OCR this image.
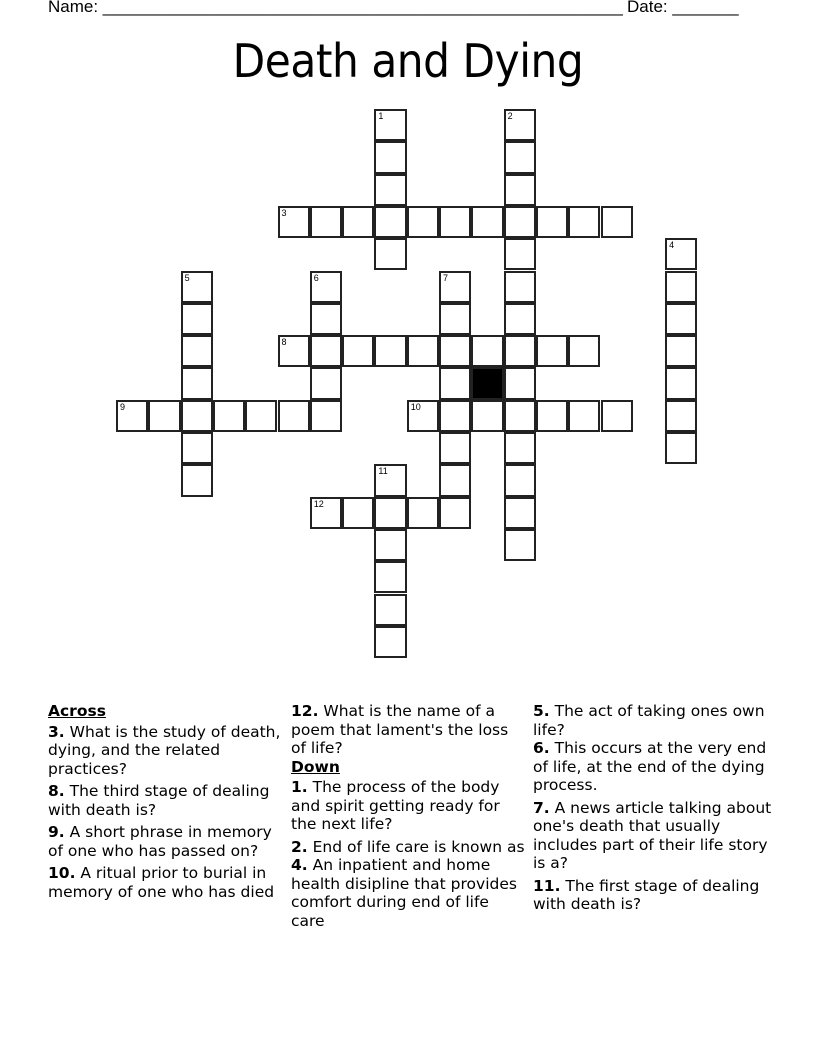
Name: _______________________________________________________ Date: _______
Death and Dying
1	2
3
4
5	6	7
8
9	10
11
12
Across
3. What is the study of death, dying, and the related practices?
8. The third stage of dealing with death is?
9. A short phrase in memory of one who has passed on?
10. A ritual prior to burial in memory of one who has died
12. What is the name of a poem that lament's the loss of life?
Down
1. The process of the body and spirit getting ready for the next life?
2. End of life care is known as
4. An inpatient and home health disipline that provides comfort during end of life care
5. The act of taking ones own life?
6. This occurs at the very end of life, at the end of the dying process.
7. A news article talking about one's death that usually includes part of their life story is a?
11. The first stage of dealing with death is?
